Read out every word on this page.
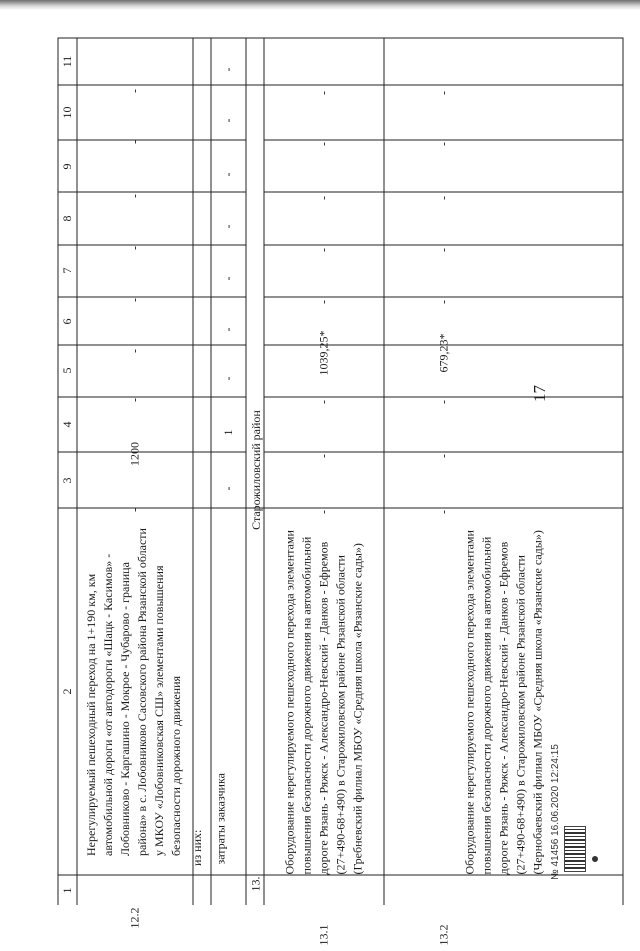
17
1
2
3
4
5
6
7
8
9
10
11
12.2
Нерегулируемый пешеходный переход на 1+190 км, км автомобильной дороги «от автодороги «Шацк - Касимов» - Лобовниково - Каргашино - Мокрое - Чубарово - граница района» в с. Лобовниково Сасовского района Рязанской области у МКОУ «Лобовниковская СШ» элементами повышения безопасности дорожного движения
-
1200
-
-
-
-
-
-
-
из них: затраты заказчика
-
1
-
-
-
-
-
-
-
13.
Старожиловский район
13.1
Оборудование нерегулируемого пешеходного перехода элементами повышения безопасности дорожного движения на автомобильной дороге Рязань - Ряжск - Александро-Невский - Данков - Ефремов (27+490-68+490) в Старожиловском районе Рязанской области (Гребневский филиал МБОУ «Средняя школа «Рязанские сады»)
-
-
-
1039,25*
-
-
-
-
-
13.2
Оборудование нерегулируемого пешеходного перехода элементами повышения безопасности дорожного движения на автомобильной дороге Рязань - Ряжск - Александро-Невский - Данков - Ефремов (27+490-68+490) в Старожиловском районе Рязанской области (Чернобаевский филиал МБОУ «Средняя школа «Рязанские сады»)
-
-
-
679,23*
-
-
-
-
-
№ 41456 16.06.2020 12:24:15
